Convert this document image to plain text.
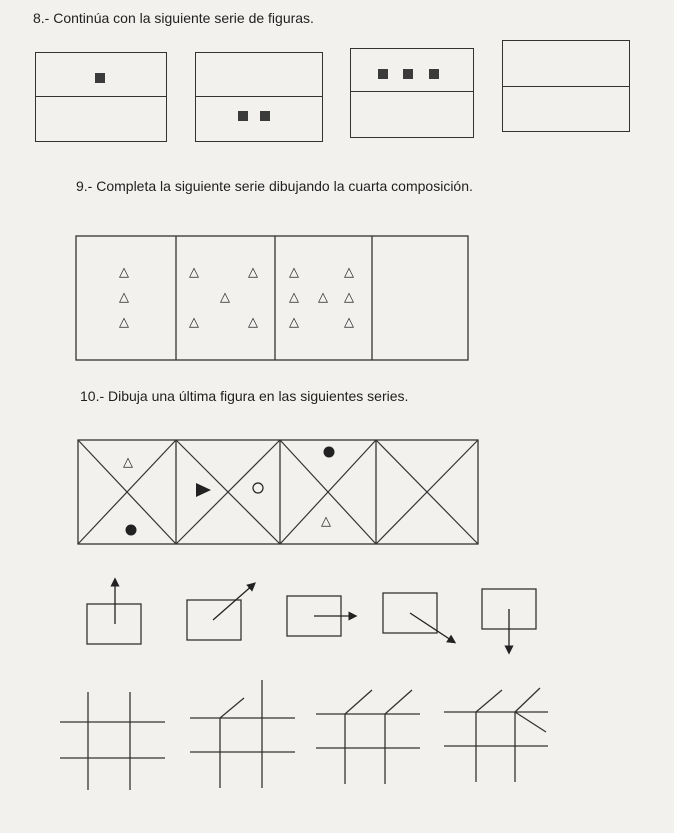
8.- Continúa con la siguiente serie de figuras.
9.- Completa la siguiente serie dibujando la cuarta composición.
10.- Dibuja una última figura en las siguientes series.
△
△
△
△
△
△
△
△
△
△
△
△
△
△
△
△
△
